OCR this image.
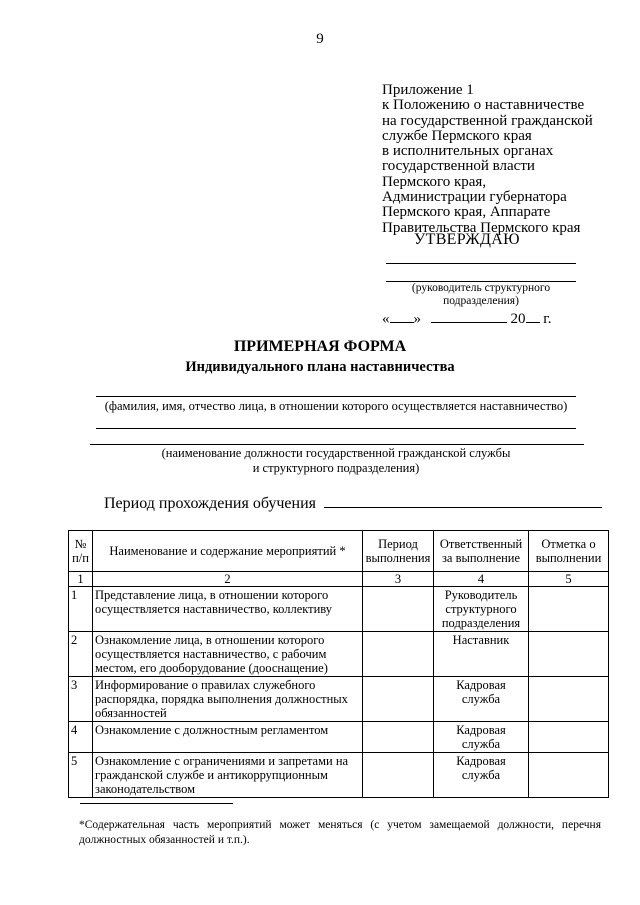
9
Приложение 1
к Положению о наставничестве
на государственной гражданской
службе Пермского края
в исполнительных органах
государственной власти
Пермского края,
Администрации губернатора
Пермского края, Аппарате
Правительства Пермского края
УТВЕРЖДАЮ
(руководитель структурного
подразделения)
« »	20 г.
ПРИМЕРНАЯ ФОРМА
Индивидуального плана наставничества
(фамилия, имя, отчество лица, в отношении которого осуществляется наставничество)
(наименование должности государственной гражданской службы
и структурного подразделения)
Период прохождения обучения
№ п/п	Наименование и содержание мероприятий *	Период выполнения	Ответственный за выполнение	Отметка о выполнении
1	2	3	4	5
1	Представление лица, в отношении которого осуществляется наставничество, коллективу		Руководитель структурного подразделения	
2	Ознакомление лица, в отношении которого осуществляется наставничество, с рабочим местом, его дооборудование (дооснащение)		Наставник	
3	Информирование о правилах служебного распорядка, порядка выполнения должностных обязанностей		Кадровая служба	
4	Ознакомление с должностным регламентом		Кадровая служба	
5	Ознакомление с ограничениями и запретами на гражданской службе и антикоррупционным законодательством		Кадровая служба	
*Содержательная часть мероприятий может меняться (с учетом замещаемой должности, перечня должностных обязанностей и т.п.).
